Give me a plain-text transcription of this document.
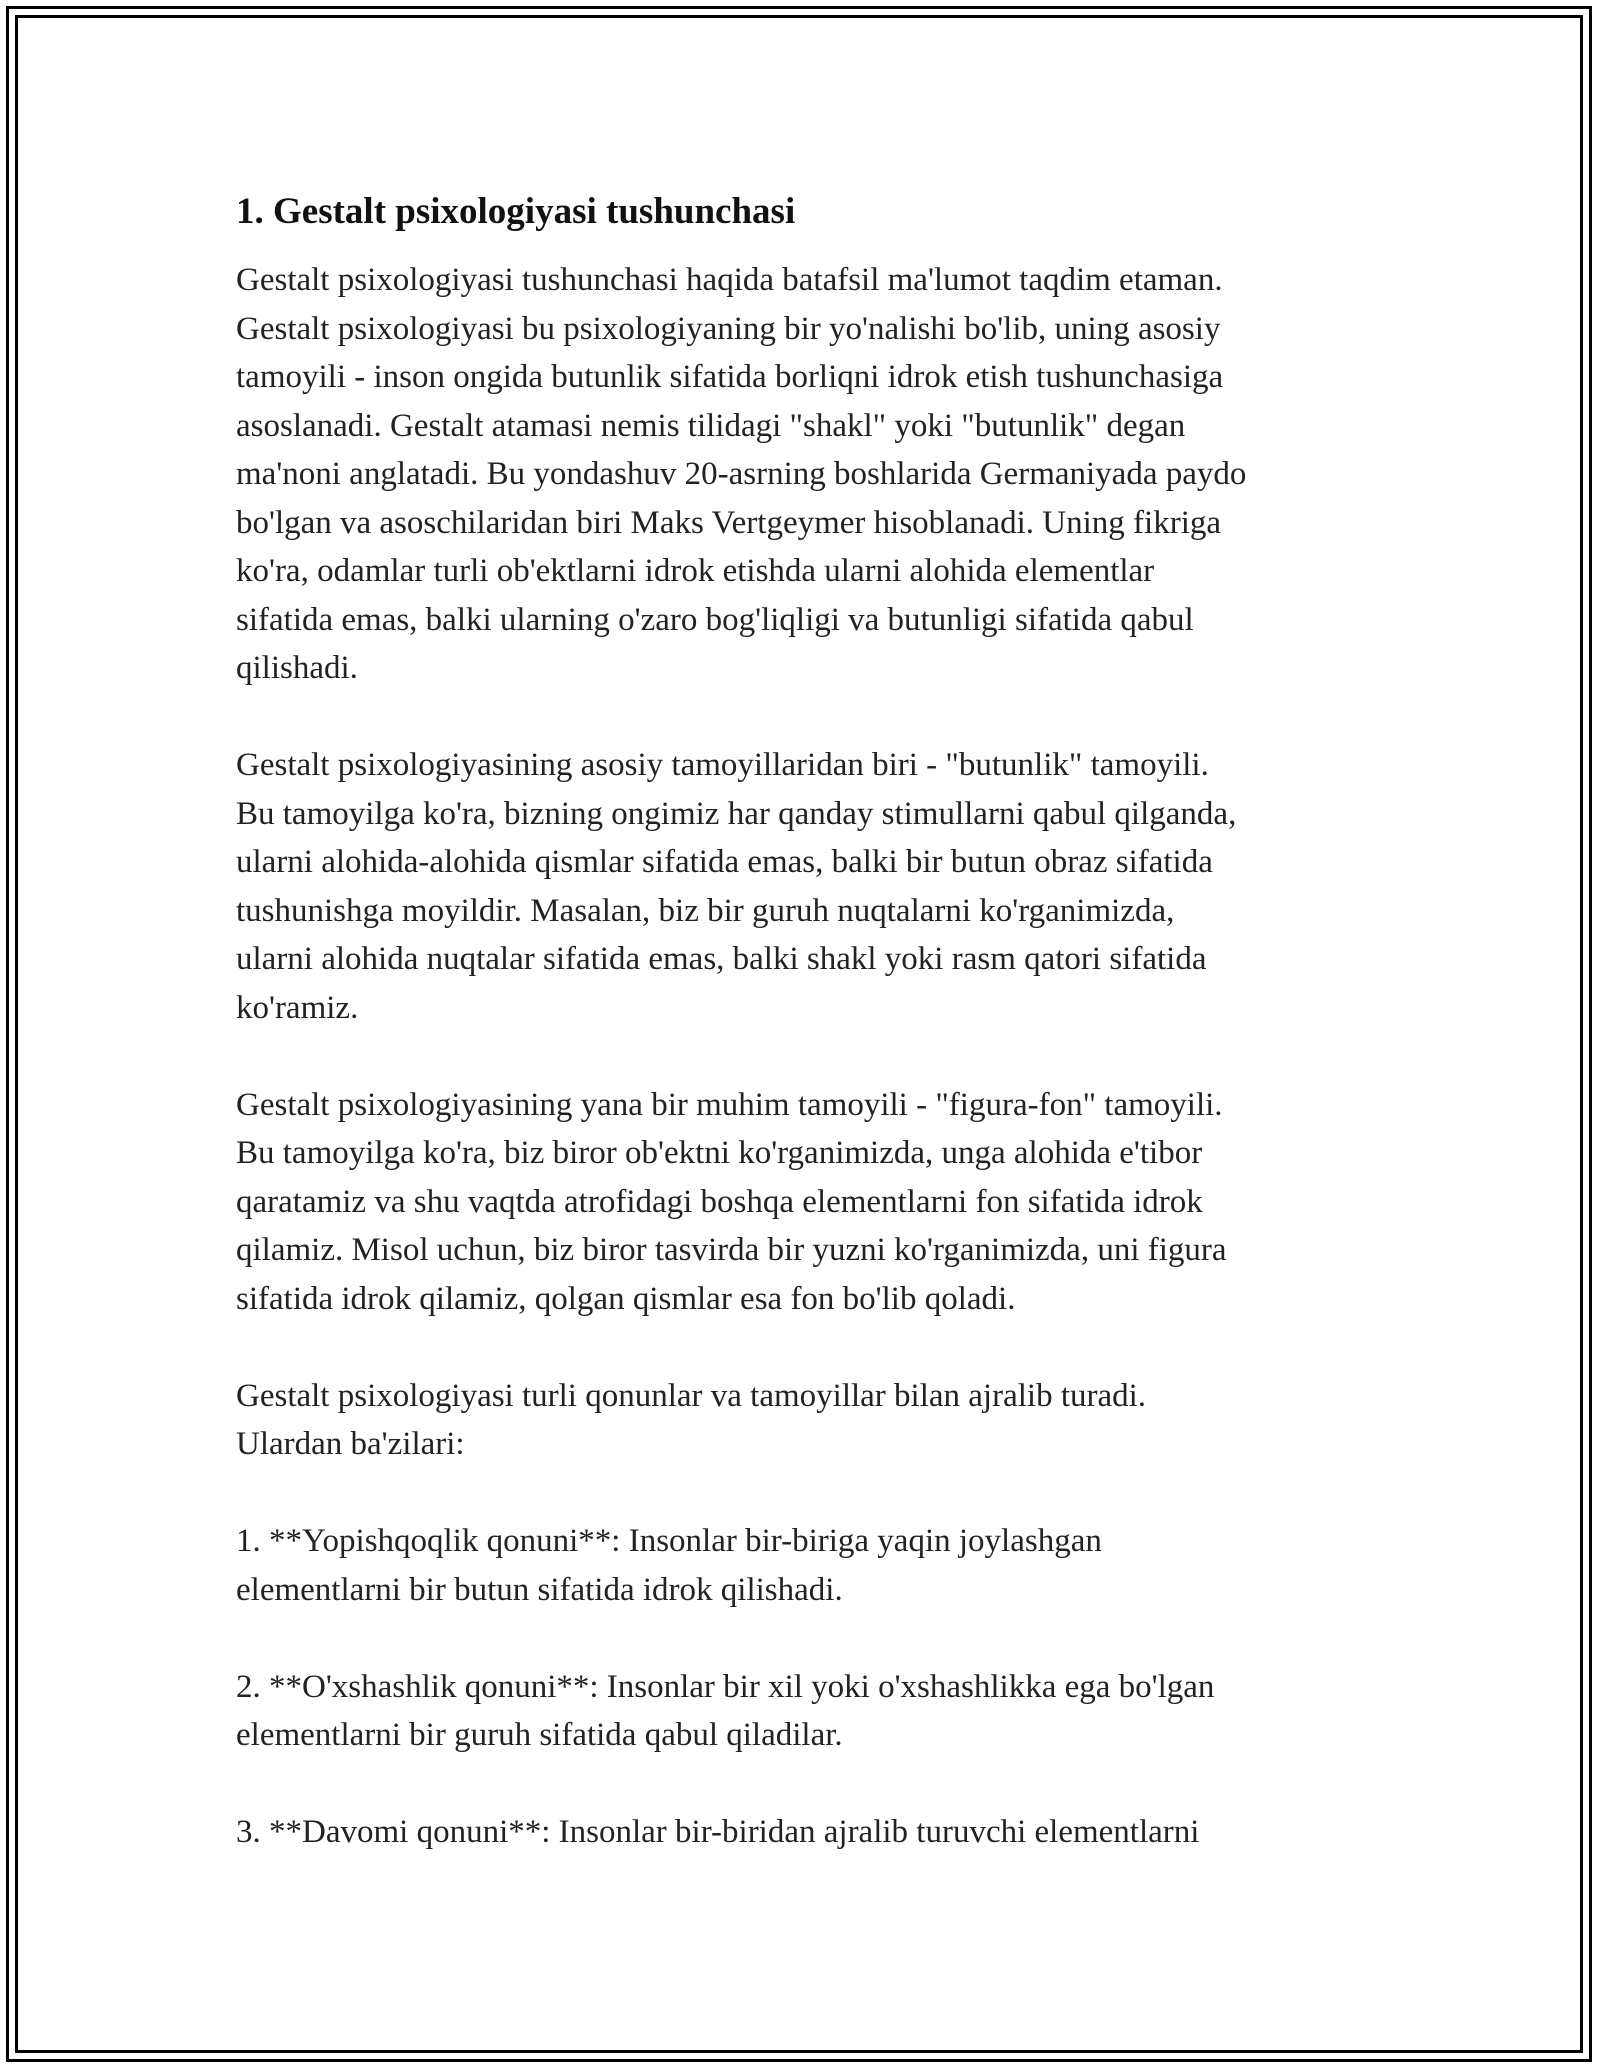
1. Gestalt psixologiyasi tushunchasi
Gestalt psixologiyasi tushunchasi haqida batafsil ma'lumot taqdim etaman.
Gestalt psixologiyasi bu psixologiyaning bir yo'nalishi bo'lib, uning asosiy
tamoyili - inson ongida butunlik sifatida borliqni idrok etish tushunchasiga
asoslanadi. Gestalt atamasi nemis tilidagi "shakl" yoki "butunlik" degan
ma'noni anglatadi. Bu yondashuv 20-asrning boshlarida Germaniyada paydo
bo'lgan va asoschilaridan biri Maks Vertgeymer hisoblanadi. Uning fikriga
ko'ra, odamlar turli ob'ektlarni idrok etishda ularni alohida elementlar
sifatida emas, balki ularning o'zaro bog'liqligi va butunligi sifatida qabul
qilishadi.
Gestalt psixologiyasining asosiy tamoyillaridan biri - "butunlik" tamoyili.
Bu tamoyilga ko'ra, bizning ongimiz har qanday stimullarni qabul qilganda,
ularni alohida-alohida qismlar sifatida emas, balki bir butun obraz sifatida
tushunishga moyildir. Masalan, biz bir guruh nuqtalarni ko'rganimizda,
ularni alohida nuqtalar sifatida emas, balki shakl yoki rasm qatori sifatida
ko'ramiz.
Gestalt psixologiyasining yana bir muhim tamoyili - "figura-fon" tamoyili.
Bu tamoyilga ko'ra, biz biror ob'ektni ko'rganimizda, unga alohida e'tibor
qaratamiz va shu vaqtda atrofidagi boshqa elementlarni fon sifatida idrok
qilamiz. Misol uchun, biz biror tasvirda bir yuzni ko'rganimizda, uni figura
sifatida idrok qilamiz, qolgan qismlar esa fon bo'lib qoladi.
Gestalt psixologiyasi turli qonunlar va tamoyillar bilan ajralib turadi.
Ulardan ba'zilari:
1. **Yopishqoqlik qonuni**: Insonlar bir-biriga yaqin joylashgan
elementlarni bir butun sifatida idrok qilishadi.
2. **O'xshashlik qonuni**: Insonlar bir xil yoki o'xshashlikka ega bo'lgan
elementlarni bir guruh sifatida qabul qiladilar.
3. **Davomi qonuni**: Insonlar bir-biridan ajralib turuvchi elementlarni
